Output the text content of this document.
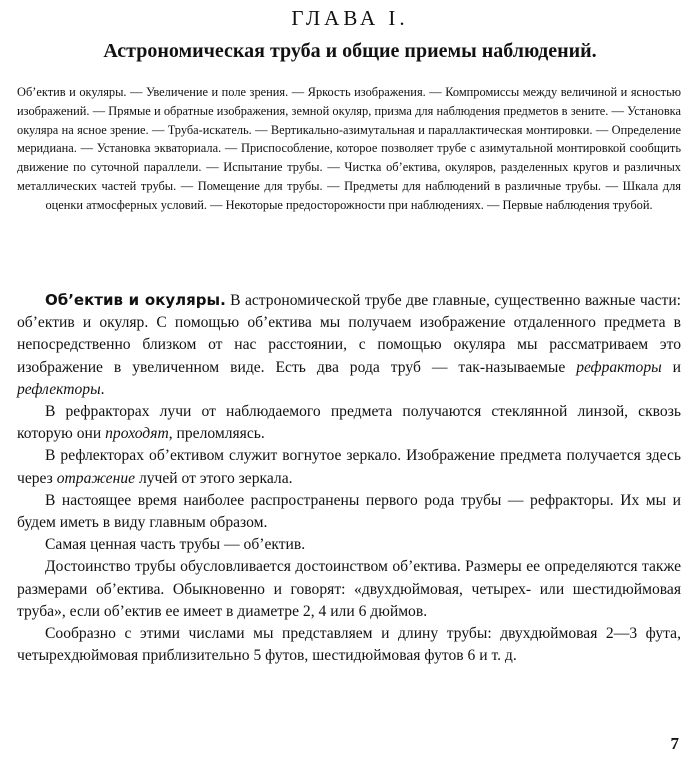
ГЛАВА I.
Астрономическая труба и общие приемы наблюдений.
Об’ектив и окуляры. — Увеличение и поле зрения. — Яркость изображения. — Компромиссы между величиной и ясностью изображений. — Прямые и обратные изображения, земной окуляр, призма для наблюдения предметов в зените. — Установка окуляра на ясное зрение. — Труба-искатель. — Вертикально-азимутальная и параллактическая монтировки. — Определение меридиана. — Установка экваториала. — Приспособление, которое позволяет трубе с азимутальной монтировкой сообщить движение по суточной параллели. — Испытание трубы. — Чистка об’ектива, окуляров, разделенных кругов и различных металлических частей трубы. — Помещение для трубы. — Предметы для наблюдений в различные трубы. — Шкала для оценки атмосферных условий. — Некоторые предосторожности при наблюдениях. — Первые наблюдения трубой.

Об’ектив и окуляры. В астрономической трубе две главные, существенно важные части: об’ектив и окуляр. С помощью об’ектива мы получаем изображение отдаленного предмета в непосредственно близком от нас расстоянии, с помощью окуляра мы рассматриваем это изображение в увеличенном виде. Есть два рода труб — так-называемые рефракторы и рефлекторы.

В рефракторах лучи от наблюдаемого предмета получаются стеклянной линзой, сквозь которую они проходят, преломляясь.

В рефлекторах об’ективом служит вогнутое зеркало. Изображение предмета получается здесь через отражение лучей от этого зеркала.

В настоящее время наиболее распространены первого рода трубы — рефракторы. Их мы и будем иметь в виду главным образом.

Самая ценная часть трубы — об’ектив.

Достоинство трубы обусловливается достоинством об’ектива. Размеры ее определяются также размерами об’ектива. Обыкновенно и говорят: «двухдюймовая, четырех- или шестидюймовая труба», если об’ектив ее имеет в диаметре 2, 4 или 6 дюймов.

Сообразно с этими числами мы представляем и длину трубы: двухдюймовая 2—3 фута, четырехдюймовая приблизительно 5 футов, шестидюймовая футов 6 и т. д.

7
